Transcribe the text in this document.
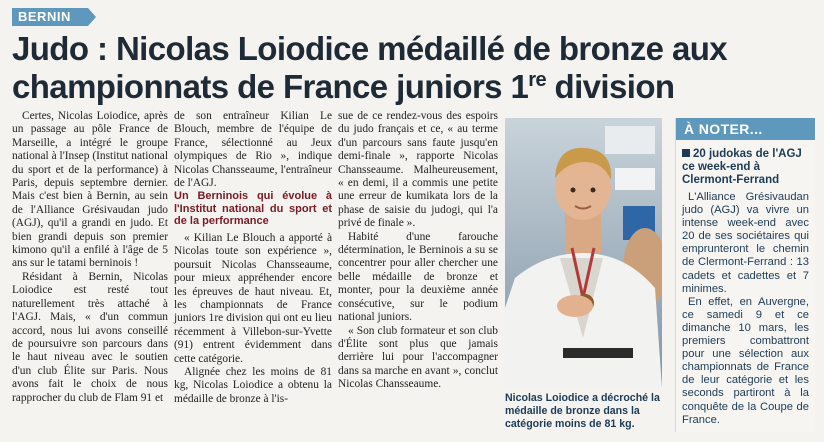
BERNIN
Judo : Nicolas Loiodice médaillé de bronze aux championnats de France juniors 1re division

Certes, Nicolas Loiodice, après un passage au pôle France de Marseille, a intégré le groupe national à l'Insep (Institut national du sport et de la performance) à Paris, depuis septembre dernier. Mais c'est bien à Bernin, au sein de l'Alliance Grésivaudan judo (AGJ), qu'il a grandi en judo. Et bien grandi depuis son premier kimono qu'il a enfilé à l'âge de 5 ans sur le tatami berninois !

Résidant à Bernin, Nicolas Loiodice est resté tout naturellement très attaché à l'AGJ. Mais, « d'un commun accord, nous lui avons conseillé de poursuivre son parcours dans le haut niveau avec le soutien d'un club Élite sur Paris. Nous avons fait le choix de nous rapprocher du club de Flam 91 et

de son entraîneur Kilian Le Blouch, membre de l'équipe de France, sélectionné au Jeux olympiques de Rio », indique Nicolas Chansseaume, l'entraîneur de l'AGJ.

Un Berninois qui évolue à l'Institut national du sport et de la performance

« Kilian Le Blouch a apporté à Nicolas toute son expérience », poursuit Nicolas Chansseaume, pour mieux appréhender encore les épreuves de haut niveau. Et, les championnats de France juniors 1re division qui ont eu lieu récemment à Villebon-sur-Yvette (91) entrent évidemment dans cette catégorie.

Alignée chez les moins de 81 kg, Nicolas Loiodice a obtenu la médaille de bronze à l'is-

sue de ce rendez-vous des espoirs du judo français et ce, « au terme d'un parcours sans faute jusqu'en demi-finale », rapporte Nicolas Chansseaume. Malheureusement, « en demi, il a commis une petite une erreur de kumikata lors de la phase de saisie du judogi, qui l'a privé de finale ».

Habité d'une farouche détermination, le Berninois a su se concentrer pour aller chercher une belle médaille de bronze et monter, pour la deuxième année consécutive, sur le podium national juniors.

« Son club formateur et son club d'Élite sont plus que jamais derrière lui pour l'accompagner dans sa marche en avant », conclut Nicolas Chansseaume.

Nicolas Loiodice a décroché la médaille de bronze dans la catégorie moins de 81 kg.
À NOTER...
20 judokas de l'AGJ ce week-end à Clermont-Ferrand

L'Alliance Grésivaudan judo (AGJ) va vivre un intense week-end avec 20 de ses sociétaires qui emprunteront le chemin de Clermont-Ferrand : 13 cadets et cadettes et 7 minimes.

En effet, en Auvergne, ce samedi 9 et ce dimanche 10 mars, les premiers combattront pour une sélection aux championnats de France de leur catégorie et les seconds partiront à la conquête de la Coupe de France.
